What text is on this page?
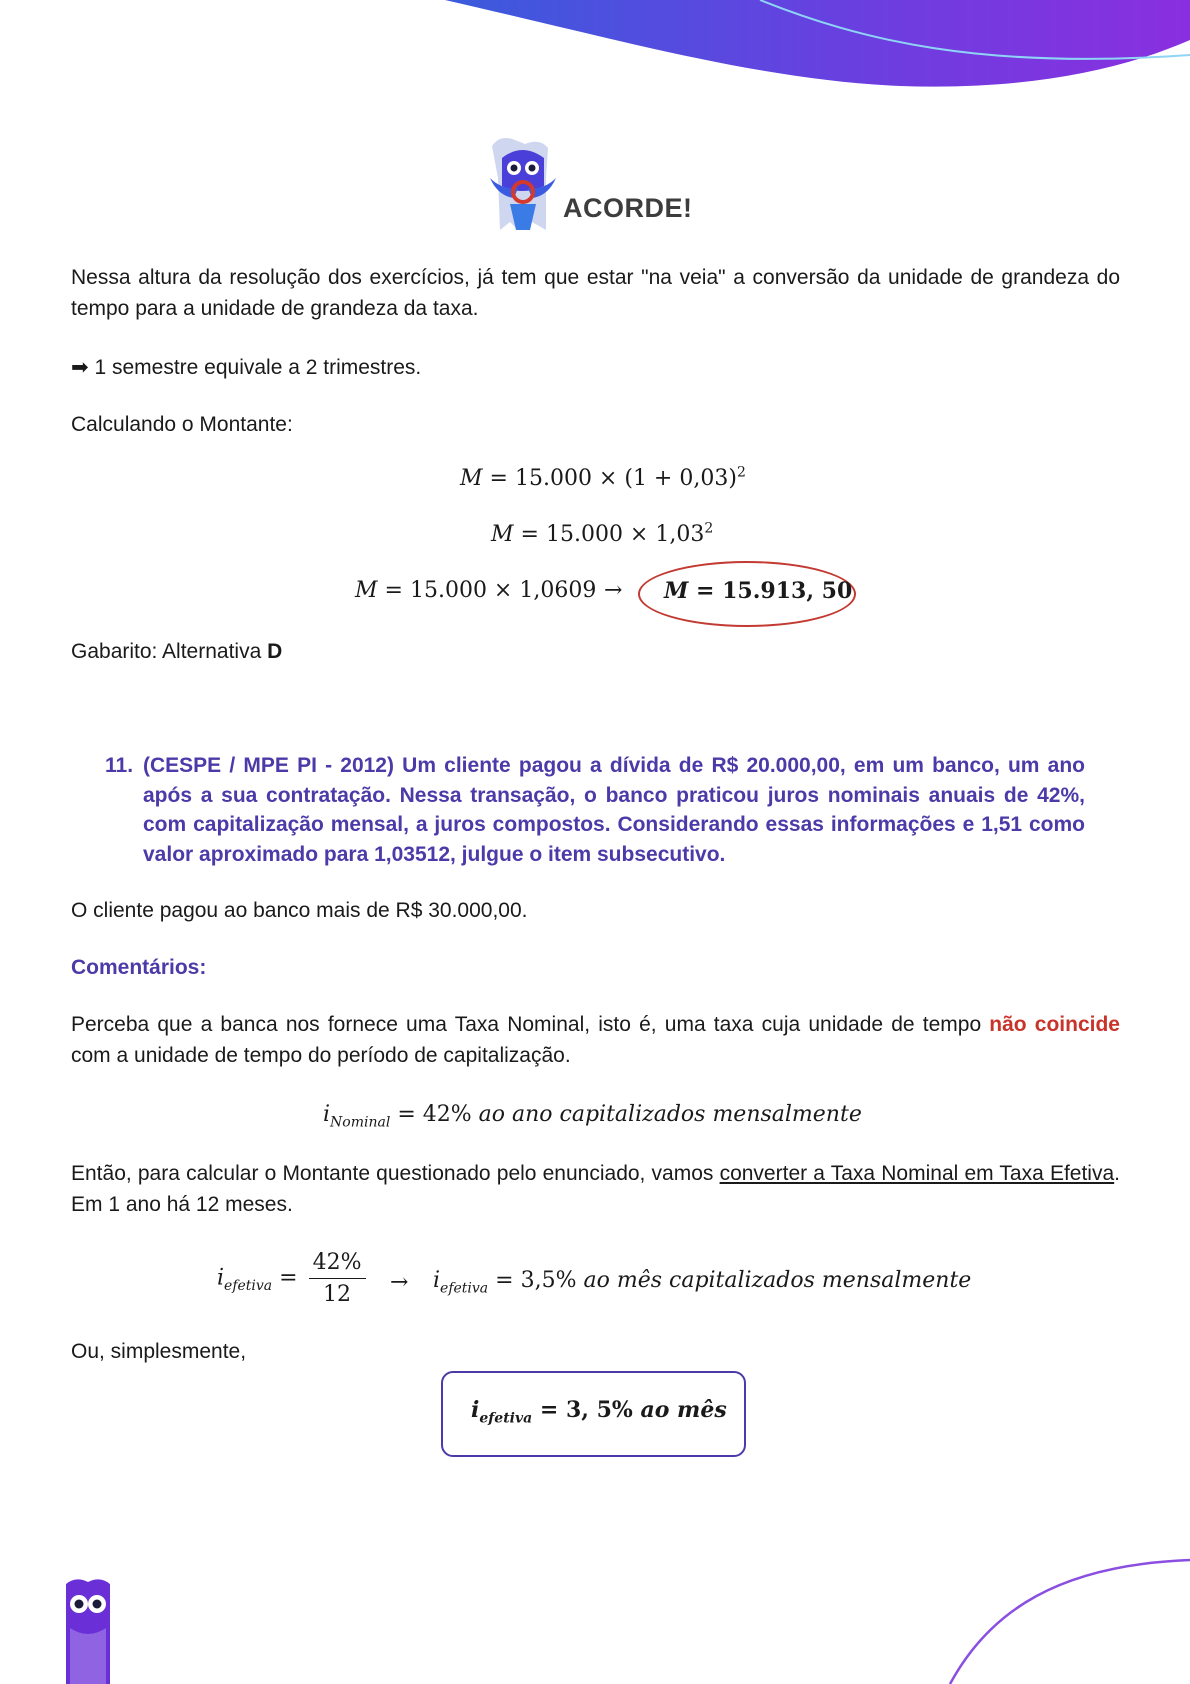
ACORDE!

Nessa altura da resolução dos exercícios, já tem que estar "na veia" a conversão da unidade de grandeza do tempo para a unidade de grandeza da taxa.

➡ 1 semestre equivale a 2 trimestres.

Calculando o Montante:

$M = 15.000 \times (1 + 0,03)^2$
$M = 15.000 \times 1,03^2$
M = 15.000 × 1,0609 → M = 15.913, 50

Gabarito: Alternativa D

11. (CESPE / MPE PI - 2012) Um cliente pagou a dívida de R$ 20.000,00, em um banco, um ano após a sua contratação. Nessa transação, o banco praticou juros nominais anuais de 42%, com capitalização mensal, a juros compostos. Considerando essas informações e 1,51 como valor aproximado para 1,03512, julgue o item subsecutivo.

O cliente pagou ao banco mais de R$ 30.000,00.

Comentários:

Perceba que a banca nos fornece uma Taxa Nominal, isto é, uma taxa cuja unidade de tempo não coincide com a unidade de tempo do período de capitalização.

$i_{Nominal} = 42\%$ ao ano capitalizados mensalmente

Então, para calcular o Montante questionado pelo enunciado, vamos converter a Taxa Nominal em Taxa Efetiva. Em 1 ano há 12 meses.

$i_{efetiva} = \frac{42\%}{12} \to i_{efetiva} = 3,5\%$ ao mês capitalizados mensalmente

Ou, simplesmente,

$i_{efetiva} = 3$, 5% ao mês
